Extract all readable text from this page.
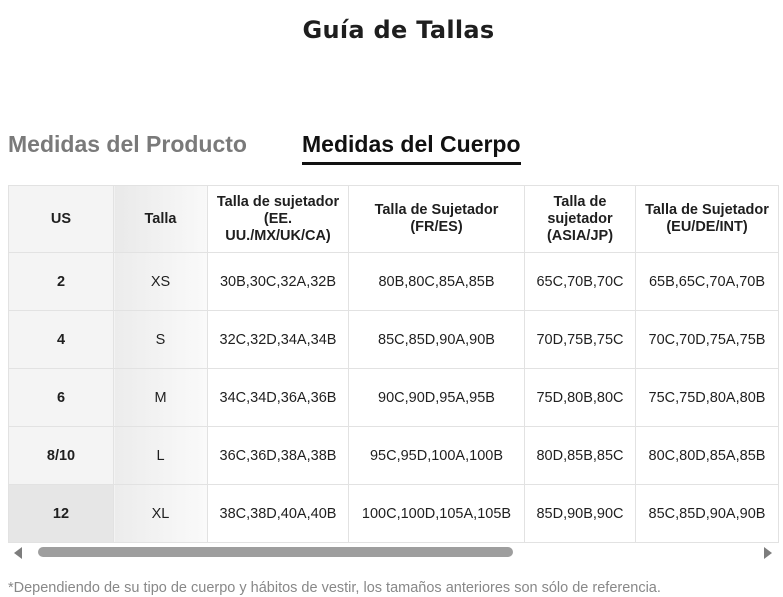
Guía de Tallas
Medidas del Producto Medidas del Cuerpo
US	Talla	Talla de sujetador (EE. UU./MX/UK/CA)	Talla de Sujetador (FR/ES)	Talla de sujetador (ASIA/JP)	Talla de Sujetador (EU/DE/INT)
2	XS	30B,30C,32A,32B	80B,80C,85A,85B	65C,70B,70C	65B,65C,70A,70B
4	S	32C,32D,34A,34B	85C,85D,90A,90B	70D,75B,75C	70C,70D,75A,75B
6	M	34C,34D,36A,36B	90C,90D,95A,95B	75D,80B,80C	75C,75D,80A,80B
8/10	L	36C,36D,38A,38B	95C,95D,100A,100B	80D,85B,85C	80C,80D,85A,85B
12	XL	38C,38D,40A,40B	100C,100D,105A,105B	85D,90B,90C	85C,85D,90A,90B
*Dependiendo de su tipo de cuerpo y hábitos de vestir, los tamaños anteriores son sólo de referencia.
